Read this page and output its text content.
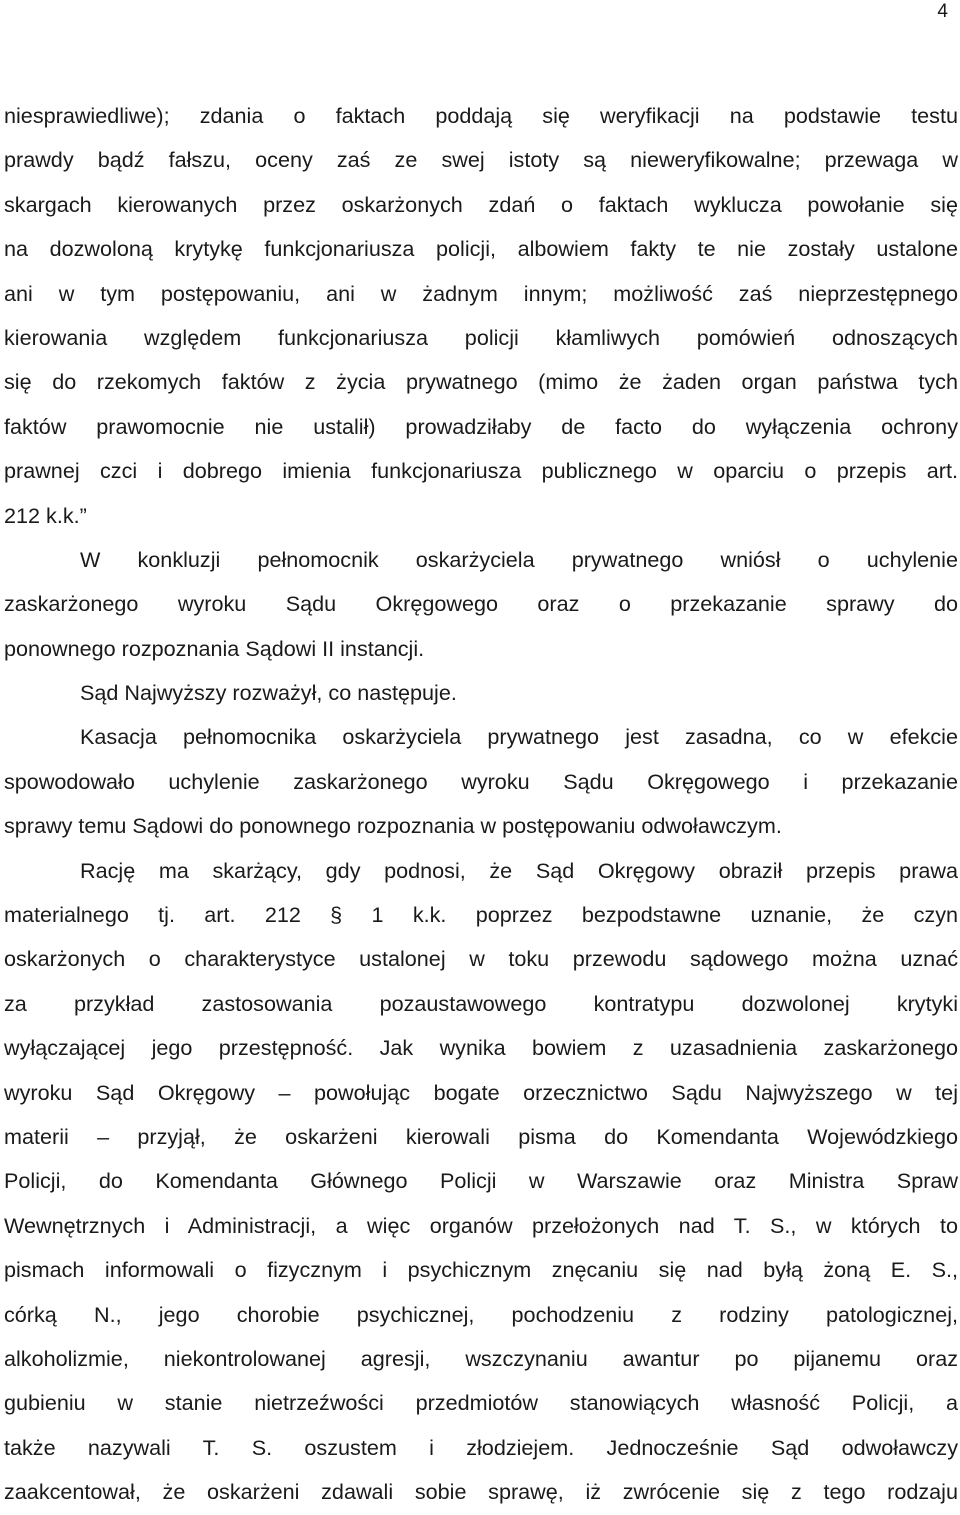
4
niesprawiedliwe); zdania o faktach poddają się weryfikacji na podstawie testu
prawdy bądź fałszu, oceny zaś ze swej istoty są nieweryfikowalne; przewaga w
skargach kierowanych przez oskarżonych zdań o faktach wyklucza powołanie się
na dozwoloną krytykę funkcjonariusza policji, albowiem fakty te nie zostały ustalone
ani w tym postępowaniu, ani w żadnym innym; możliwość zaś nieprzestępnego
kierowania względem funkcjonariusza policji kłamliwych pomówień odnoszących
się do rzekomych faktów z życia prywatnego (mimo że żaden organ państwa tych
faktów prawomocnie nie ustalił) prowadziłaby de facto do wyłączenia ochrony
prawnej czci i dobrego imienia funkcjonariusza publicznego w oparciu o przepis art.
212 k.k.”
W konkluzji pełnomocnik oskarżyciela prywatnego wniósł o uchylenie
zaskarżonego wyroku Sądu Okręgowego oraz o przekazanie sprawy do
ponownego rozpoznania Sądowi II instancji.
Sąd Najwyższy rozważył, co następuje.
Kasacja pełnomocnika oskarżyciela prywatnego jest zasadna, co w efekcie
spowodowało uchylenie zaskarżonego wyroku Sądu Okręgowego i przekazanie
sprawy temu Sądowi do ponownego rozpoznania w postępowaniu odwoławczym.
Rację ma skarżący, gdy podnosi, że Sąd Okręgowy obraził przepis prawa
materialnego tj. art. 212 § 1 k.k. poprzez bezpodstawne uznanie, że czyn
oskarżonych o charakterystyce ustalonej w toku przewodu sądowego można uznać
za przykład zastosowania pozaustawowego kontratypu dozwolonej krytyki
wyłączającej jego przestępność. Jak wynika bowiem z uzasadnienia zaskarżonego
wyroku Sąd Okręgowy – powołując bogate orzecznictwo Sądu Najwyższego w tej
materii – przyjął, że oskarżeni kierowali pisma do Komendanta Wojewódzkiego
Policji, do Komendanta Głównego Policji w Warszawie oraz Ministra Spraw
Wewnętrznych i Administracji, a więc organów przełożonych nad T. S., w których to
pismach informowali o fizycznym i psychicznym znęcaniu się nad byłą żoną E. S.,
córką N., jego chorobie psychicznej, pochodzeniu z rodziny patologicznej,
alkoholizmie, niekontrolowanej agresji, wszczynaniu awantur po pijanemu oraz
gubieniu w stanie nietrzeźwości przedmiotów stanowiących własność Policji, a
także nazywali T. S. oszustem i złodziejem. Jednocześnie Sąd odwoławczy
zaakcentował, że oskarżeni zdawali sobie sprawę, iż zwrócenie się z tego rodzaju
